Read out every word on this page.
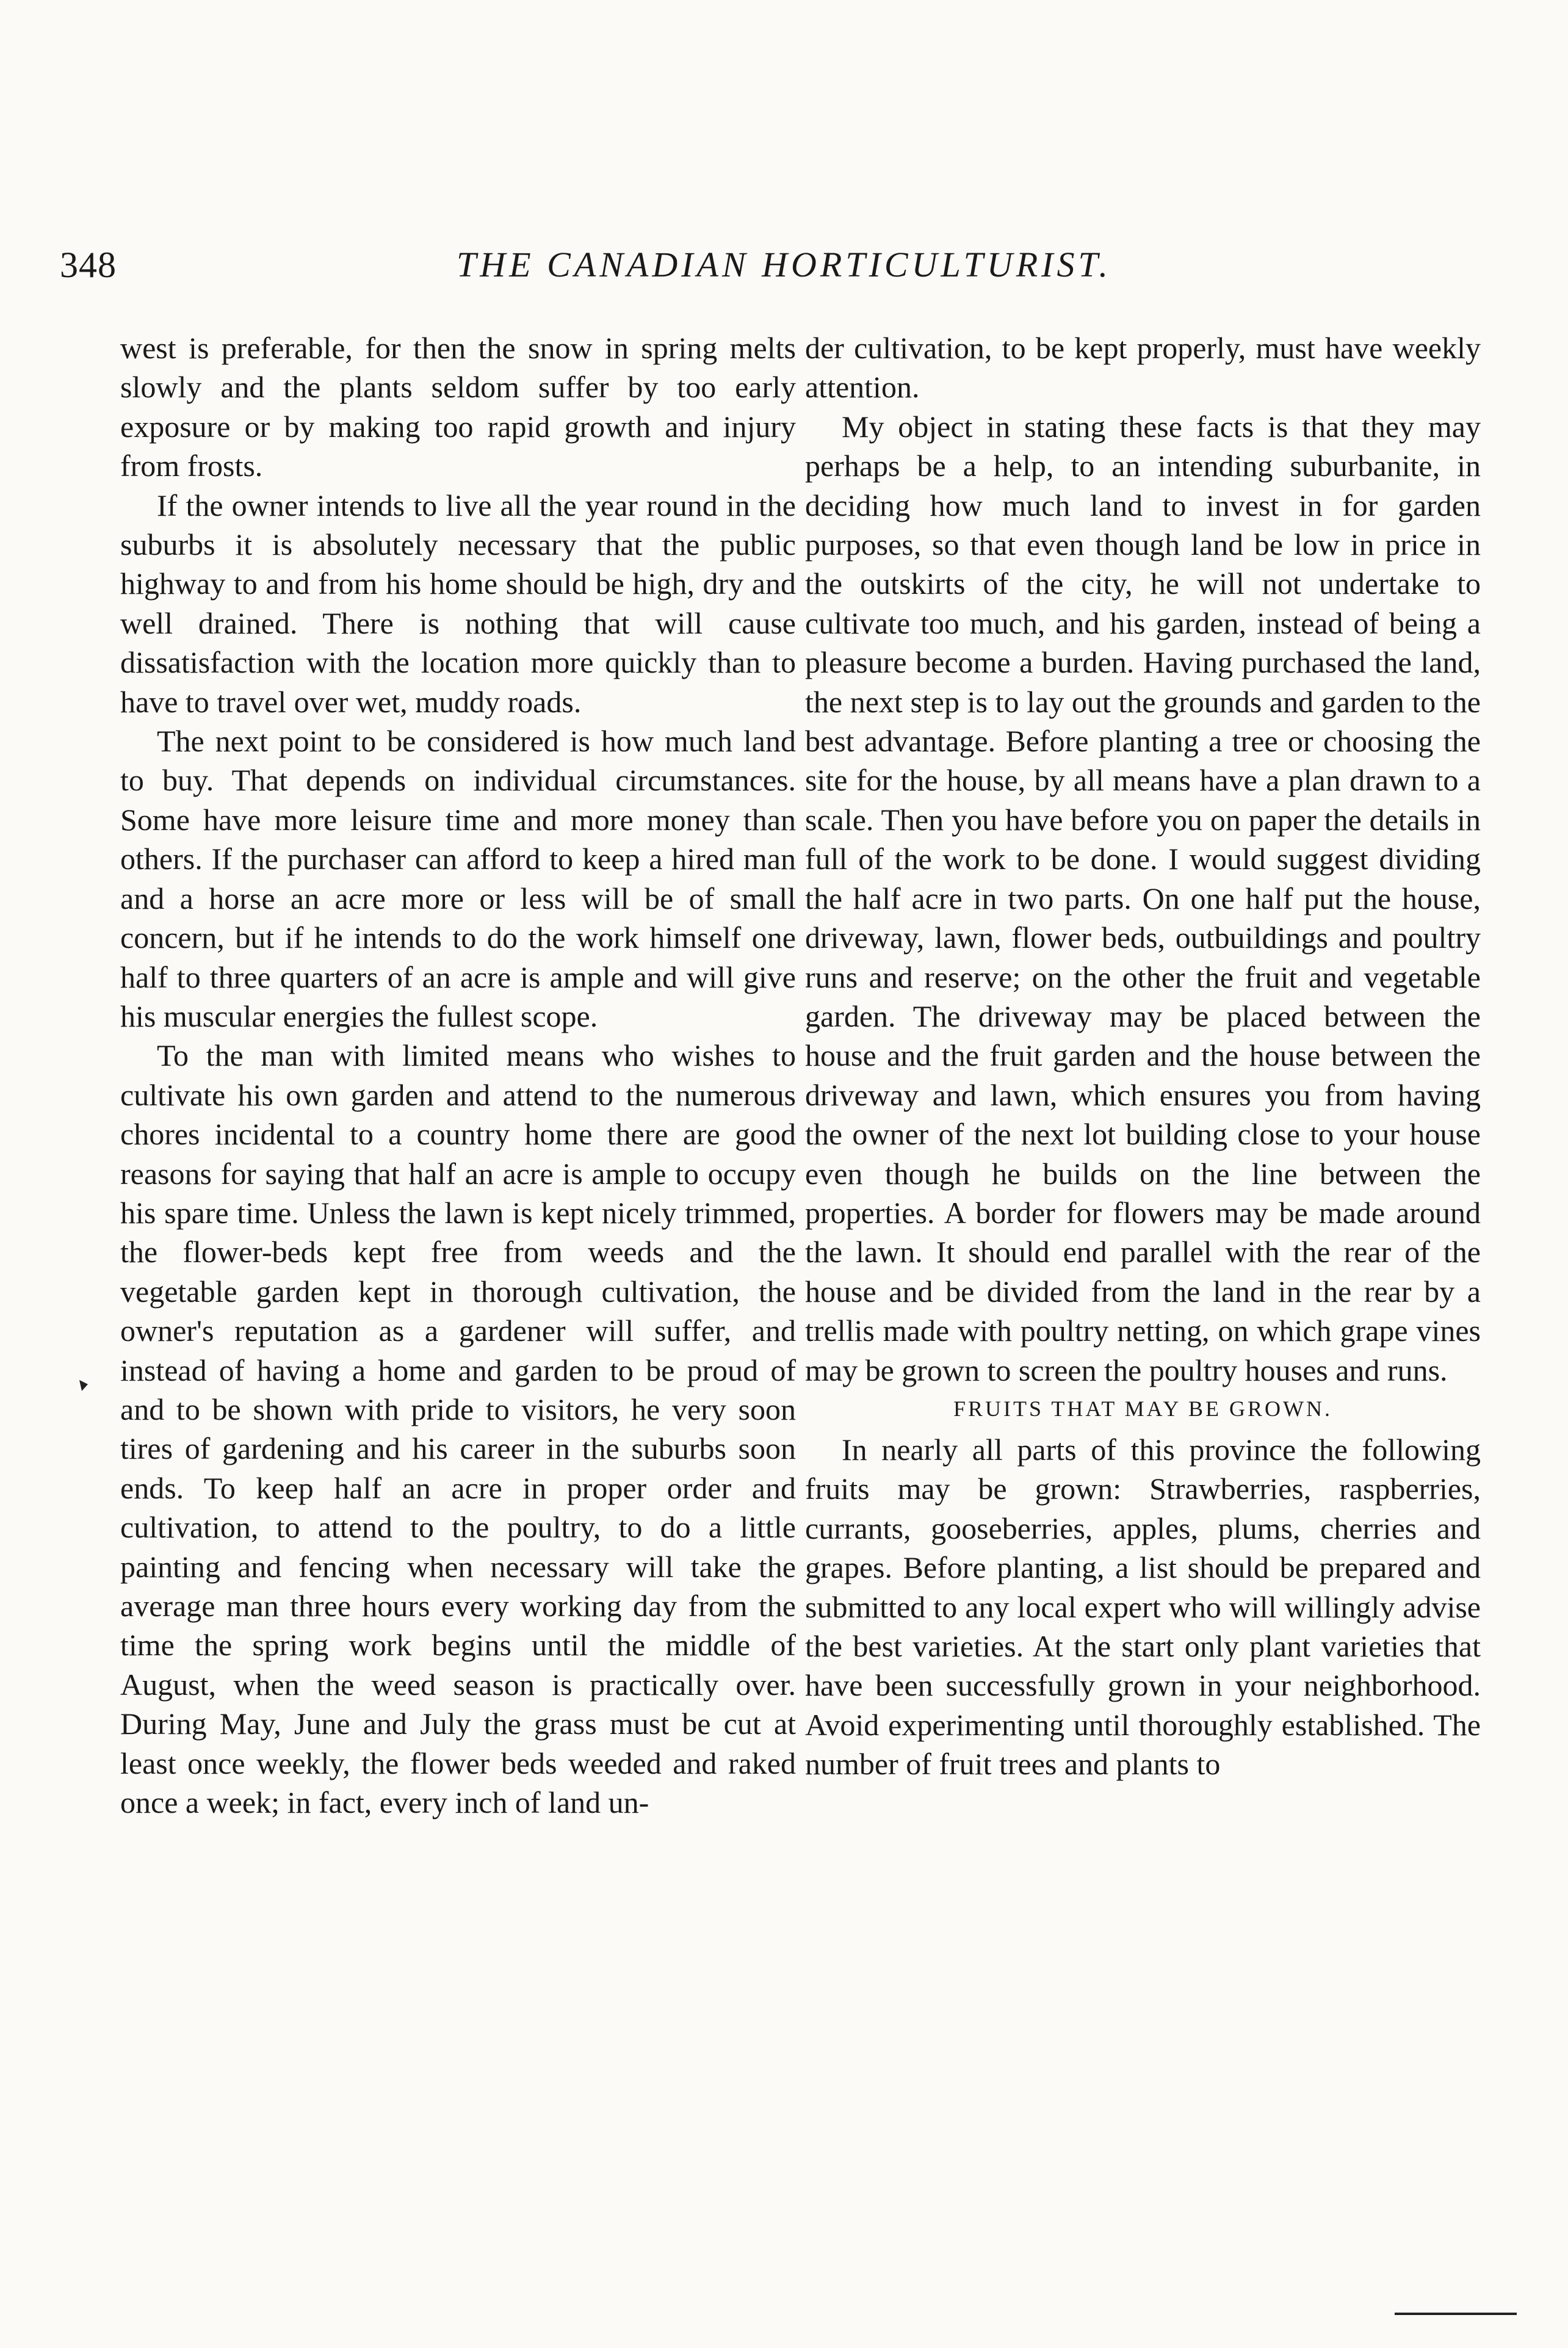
348	THE CANADIAN HORTICULTURIST.

west is preferable, for then the snow in spring melts slowly and the plants seldom suffer by too early exposure or by making too rapid growth and injury from frosts.

If the owner intends to live all the year round in the suburbs it is absolutely necessary that the public highway to and from his home should be high, dry and well drained. There is nothing that will cause dissatisfaction with the location more quickly than to have to travel over wet, muddy roads.

The next point to be considered is how much land to buy. That depends on individual circumstances. Some have more leisure time and more money than others. If the purchaser can afford to keep a hired man and a horse an acre more or less will be of small concern, but if he intends to do the work himself one half to three quarters of an acre is ample and will give his muscular energies the fullest scope.

To the man with limited means who wishes to cultivate his own garden and attend to the numerous chores incidental to a country home there are good reasons for saying that half an acre is ample to occupy his spare time. Unless the lawn is kept nicely trimmed, the flower-beds kept free from weeds and the vegetable garden kept in thorough cultivation, the owner's reputation as a gardener will suffer, and instead of having a home and garden to be proud of and to be shown with pride to visitors, he very soon tires of gardening and his career in the suburbs soon ends. To keep half an acre in proper order and cultivation, to attend to the poultry, to do a little painting and fencing when necessary will take the average man three hours every working day from the time the spring work begins until the middle of August, when the weed season is practically over. During May, June and July the grass must be cut at least once weekly, the flower beds weeded and raked once a week; in fact, every inch of land un-

der cultivation, to be kept properly, must have weekly attention.

My object in stating these facts is that they may perhaps be a help, to an intending suburbanite, in deciding how much land to invest in for garden purposes, so that even though land be low in price in the outskirts of the city, he will not undertake to cultivate too much, and his garden, instead of being a pleasure become a burden. Having purchased the land, the next step is to lay out the grounds and garden to the best advantage. Before planting a tree or choosing the site for the house, by all means have a plan drawn to a scale. Then you have before you on paper the details in full of the work to be done. I would suggest dividing the half acre in two parts. On one half put the house, driveway, lawn, flower beds, outbuildings and poultry runs and reserve; on the other the fruit and vegetable garden. The driveway may be placed between the house and the fruit garden and the house between the driveway and lawn, which ensures you from having the owner of the next lot building close to your house even though he builds on the line between the properties. A border for flowers may be made around the lawn. It should end parallel with the rear of the house and be divided from the land in the rear by a trellis made with poultry netting, on which grape vines may be grown to screen the poultry houses and runs.

FRUITS THAT MAY BE GROWN.

In nearly all parts of this province the following fruits may be grown: Strawberries, raspberries, currants, gooseberries, apples, plums, cherries and grapes. Before planting, a list should be prepared and submitted to any local expert who will willingly advise the best varieties. At the start only plant varieties that have been successfully grown in your neighborhood. Avoid experimenting until thoroughly established. The number of fruit trees and plants to
